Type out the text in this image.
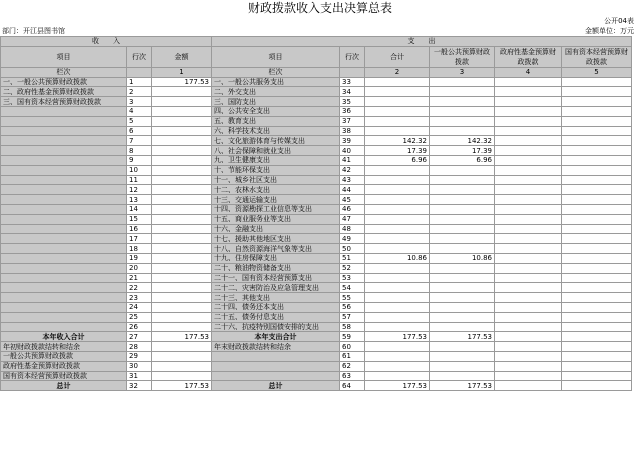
财政拨款收入支出决算总表
公开04表
部门：开江县图书馆	金额单位：万元
收　　入			支　　出					
项目	行次	金额	项目	行次	合计	一般公共预算财政拨款	政府性基金预算财政拨款	国有资本经营预算财政拨款
栏次		1	栏次		2	3	4	5
一、一般公共预算财政拨款	1	177.53	一、一般公共服务支出	33				
二、政府性基金预算财政拨款	2		二、外交支出	34				
三、国有资本经营预算财政拨款	3		三、国防支出	35				
	4		四、公共安全支出	36				
	5		五、教育支出	37				
	6		六、科学技术支出	38				
	7		七、文化旅游体育与传媒支出	39	142.32	142.32		
	8		八、社会保障和就业支出	40	17.39	17.39		
	9		九、卫生健康支出	41	6.96	6.96		
	10		十、节能环保支出	42				
	11		十一、城乡社区支出	43				
	12		十二、农林水支出	44				
	13		十三、交通运输支出	45				
	14		十四、资源勘探工业信息等支出	46				
	15		十五、商业服务业等支出	47				
	16		十六、金融支出	48				
	17		十七、援助其他地区支出	49				
	18		十八、自然资源海洋气象等支出	50				
	19		十九、住房保障支出	51	10.86	10.86		
	20		二十、粮油物资储备支出	52				
	21		二十一、国有资本经营预算支出	53				
	22		二十二、灾害防治及应急管理支出	54				
	23		二十三、其他支出	55				
	24		二十四、债务还本支出	56				
	25		二十五、债务付息支出	57				
	26		二十六、抗疫特别国债安排的支出	58				
本年收入合计	27	177.53	本年支出合计	59	177.53	177.53		
年初财政拨款结转和结余	28		年末财政拨款结转和结余	60				
一般公共预算财政拨款	29			61				
政府性基金预算财政拨款	30			62				
国有资本经营预算财政拨款	31			63				
总计	32	177.53	总计	64	177.53	177.53		
